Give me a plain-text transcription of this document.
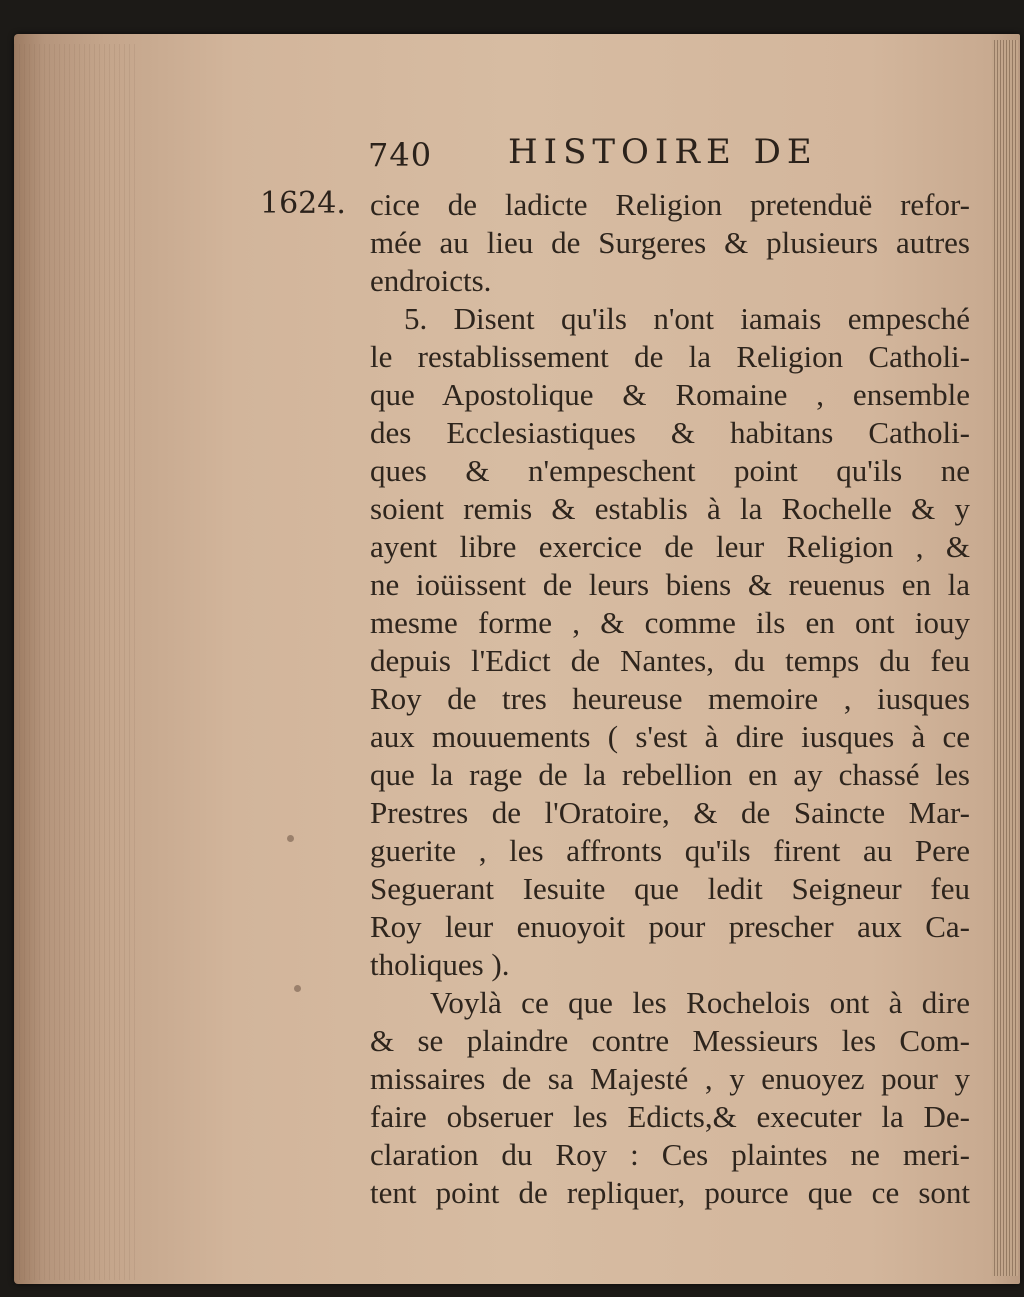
740 HISTOIRE DE
1624. cice de ladicte Religion pretenduë refor-
mée au lieu de Surgeres & plusieurs autres
endroicts.
5. Disent qu'ils n'ont iamais empesché
le restablissement de la Religion Catholi-
que Apostolique & Romaine , ensemble
des Ecclesiastiques & habitans Catholi-
ques & n'empeschent point qu'ils ne
soient remis & establis à la Rochelle & y
ayent libre exercice de leur Religion , &
ne ioüissent de leurs biens & reuenus en la
mesme forme , & comme ils en ont iouy
depuis l'Edict de Nantes, du temps du feu
Roy de tres heureuse memoire , iusques
aux mouuements ( s'est à dire iusques à ce
que la rage de la rebellion en ay chassé les
Prestres de l'Oratoire, & de Saincte Mar-
guerite , les affronts qu'ils firent au Pere
Seguerant Iesuite que ledit Seigneur feu
Roy leur enuoyoit pour prescher aux Ca-
tholiques ).
Voylà ce que les Rochelois ont à dire
& se plaindre contre Messieurs les Com-
missaires de sa Majesté , y enuoyez pour y
faire obseruer les Edicts,& executer la De-
claration du Roy : Ces plaintes ne meri-
tent point de repliquer, pource que ce sont
